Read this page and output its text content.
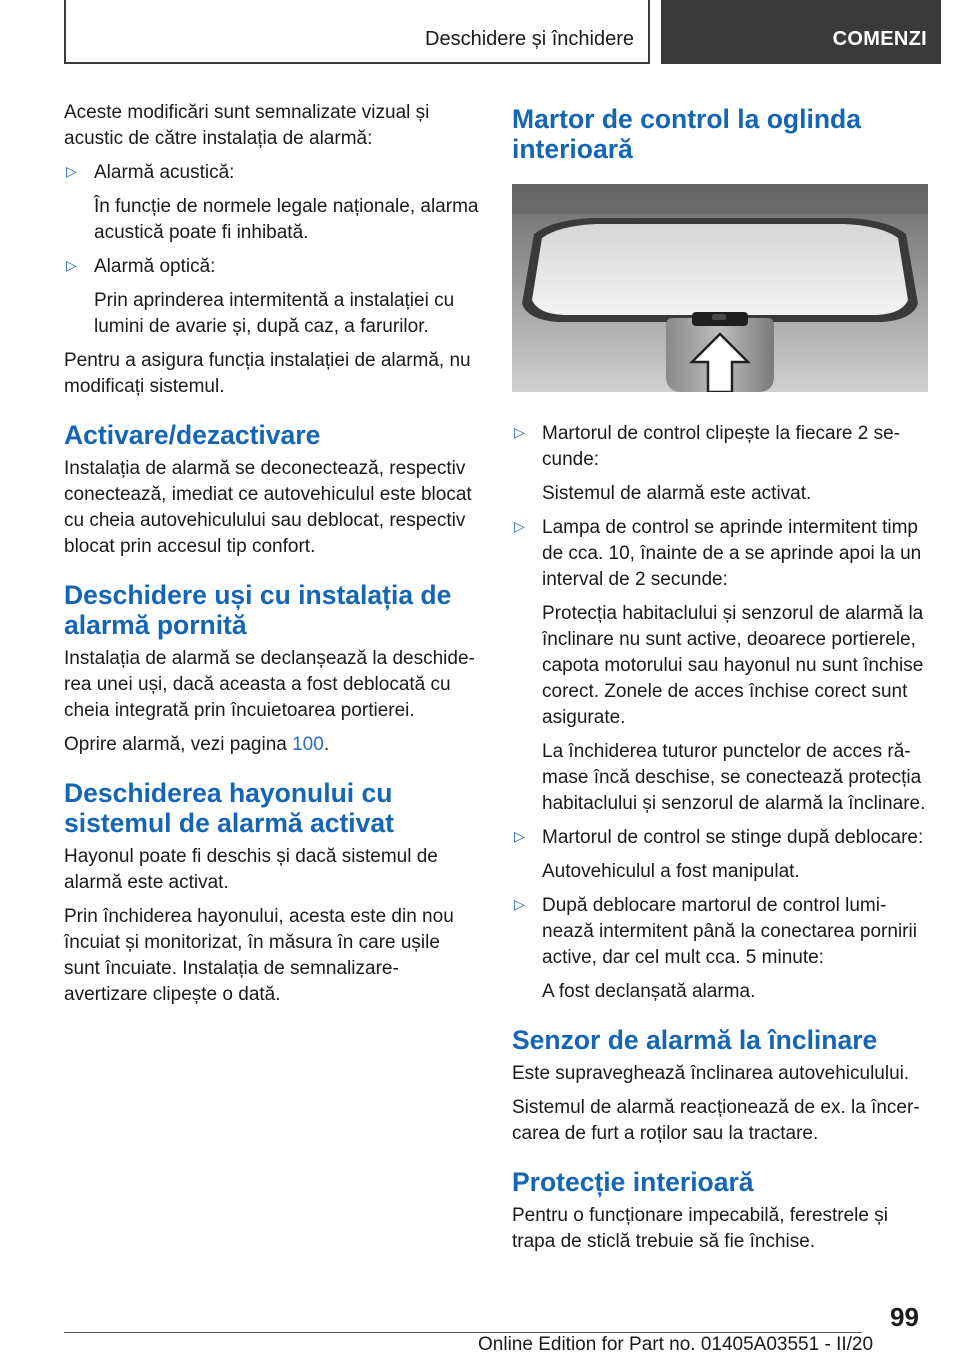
Deschidere și închidere	COMENZI

Aceste modificări sunt semnalizate vizual și acustic de către instalația de alarmă:

▷ Alarmă acustică:

În funcție de normele legale naționale, alarma acustică poate fi inhibată.

▷ Alarmă optică:

Prin aprinderea intermitentă a instalației cu lumini de avarie și, după caz, a farurilor.

Pentru a asigura funcția instalației de alarmă, nu modificați sistemul.

Activare/dezactivare

Instalația de alarmă se deconectează, respectiv conectează, imediat ce autovehiculul este blocat cu cheia autovehiculului sau deblocat, respectiv blocat prin accesul tip confort.

Deschidere uși cu instalația de alarmă pornită

Instalația de alarmă se declanșează la deschiderea unei uși, dacă aceasta a fost deblocată cu cheia integrată prin încuietoarea portierei.

Oprire alarmă, vezi pagina 100.

Deschiderea hayonului cu sistemul de alarmă activat

Hayonul poate fi deschis și dacă sistemul de alarmă este activat.

Prin închiderea hayonului, acesta este din nou încuiat și monitorizat, în măsura în care ușile sunt încuiate. Instalația de semnalizare-avertizare clipește o dată.

Martor de control la oglinda interioară
▷ Martorul de control clipește la fiecare 2 secunde:

Sistemul de alarmă este activat.

▷ Lampa de control se aprinde intermitent timp de cca. 10, înainte de a se aprinde apoi la un interval de 2 secunde:

Protecția habitaclului și senzorul de alarmă la înclinare nu sunt active, deoarece portierele, capota motorului sau hayonul nu sunt închise corect. Zonele de acces închise corect sunt asigurate.

La închiderea tuturor punctelor de acces rămase încă deschise, se conectează protecția habitaclului și senzorul de alarmă la înclinare.

▷ Martorul de control se stinge după deblocare:

Autovehiculul a fost manipulat.

▷ După deblocare martorul de control luminează intermitent până la conectarea pornirii active, dar cel mult cca. 5 minute:

A fost declanșată alarma.

Senzor de alarmă la înclinare

Este supraveghează înclinarea autovehiculului.

Sistemul de alarmă reacționează de ex. la încercarea de furt a roților sau la tractare.

Protecție interioară

Pentru o funcționare impecabilă, ferestrele și trapa de sticlă trebuie să fie închise.

99
Online Edition for Part no. 01405A03551 - II/20
